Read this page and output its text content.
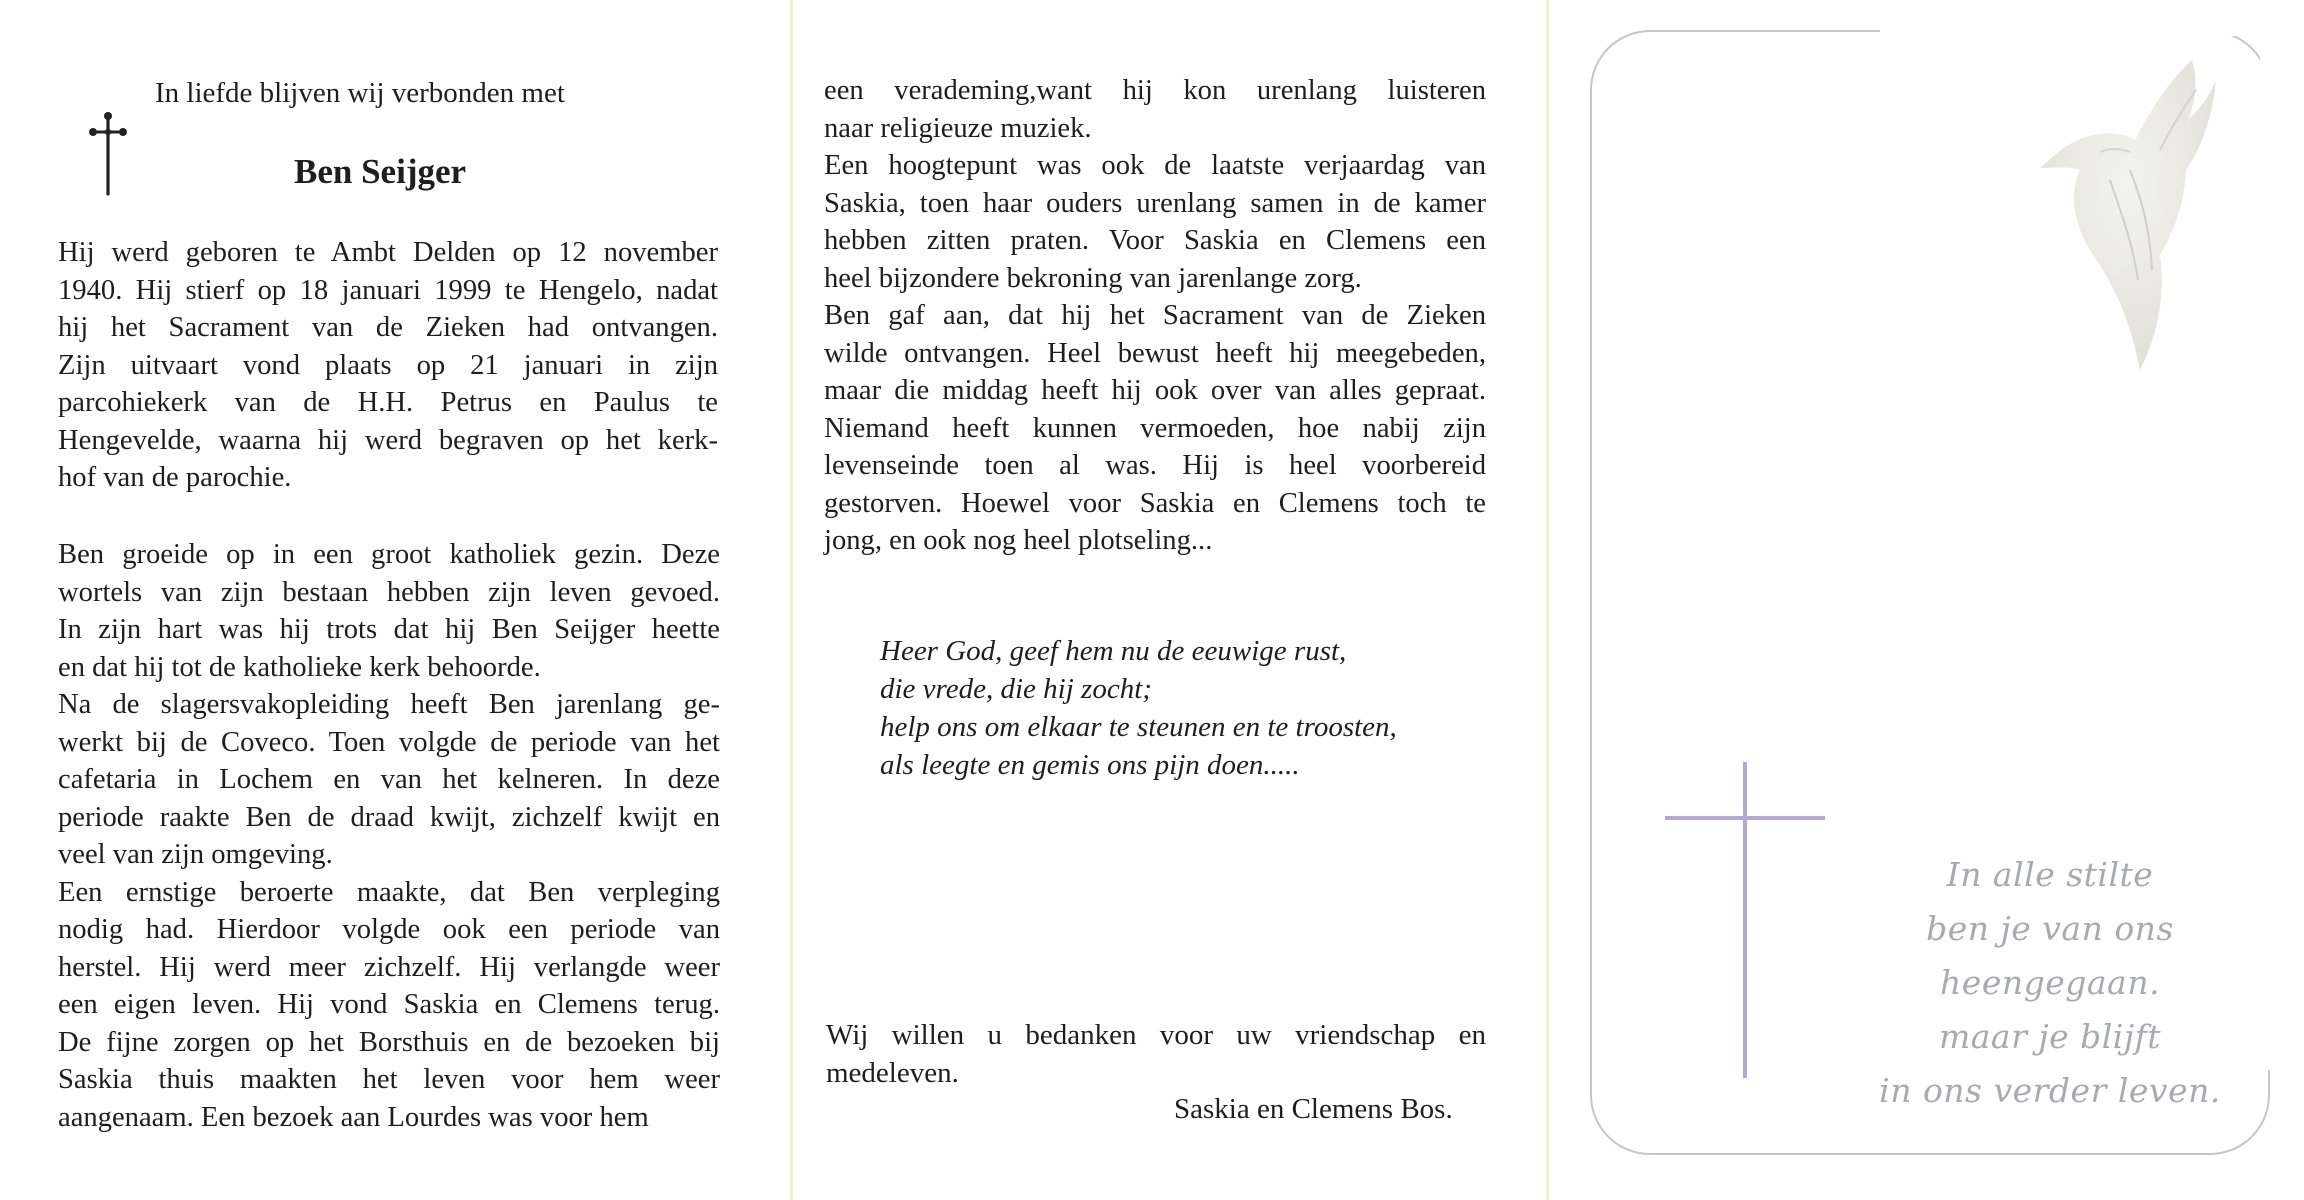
In liefde blijven wij verbonden met
Ben Seijger

Hij werd geboren te Ambt Delden op 12 november
1940. Hij stierf op 18 januari 1999 te Hengelo, nadat
hij het Sacrament van de Zieken had ontvangen.
Zijn uitvaart vond plaats op 21 januari in zijn
parcohiekerk van de H.H. Petrus en Paulus te
Hengevelde, waarna hij werd begraven op het kerk-
hof van de parochie.

Ben groeide op in een groot katholiek gezin. Deze
wortels van zijn bestaan hebben zijn leven gevoed.
In zijn hart was hij trots dat hij Ben Seijger heette
en dat hij tot de katholieke kerk behoorde.
Na de slagersvakopleiding heeft Ben jarenlang ge-
werkt bij de Coveco. Toen volgde de periode van het
cafetaria in Lochem en van het kelneren. In deze
periode raakte Ben de draad kwijt, zichzelf kwijt en
veel van zijn omgeving.
Een ernstige beroerte maakte, dat Ben verpleging
nodig had. Hierdoor volgde ook een periode van
herstel. Hij werd meer zichzelf. Hij verlangde weer
een eigen leven. Hij vond Saskia en Clemens terug.
De fijne zorgen op het Borsthuis en de bezoeken bij
Saskia thuis maakten het leven voor hem weer
aangenaam. Een bezoek aan Lourdes was voor hem

een verademing,want hij kon urenlang luisteren
naar religieuze muziek.
Een hoogtepunt was ook de laatste verjaardag van
Saskia, toen haar ouders urenlang samen in de kamer
hebben zitten praten. Voor Saskia en Clemens een
heel bijzondere bekroning van jarenlange zorg.
Ben gaf aan, dat hij het Sacrament van de Zieken
wilde ontvangen. Heel bewust heeft hij meegebeden,
maar die middag heeft hij ook over van alles gepraat.
Niemand heeft kunnen vermoeden, hoe nabij zijn
levenseinde toen al was. Hij is heel voorbereid
gestorven. Hoewel voor Saskia en Clemens toch te
jong, en ook nog heel plotseling...

Heer God, geef hem nu de eeuwige rust,
die vrede, die hij zocht;
help ons om elkaar te steunen en te troosten,
als leegte en gemis ons pijn doen.....

Wij willen u bedanken voor uw vriendschap en
medeleven.

Saskia en Clemens Bos.

In alle stilte
ben je van ons heengegaan.
maar je blijft
in ons verder leven.
